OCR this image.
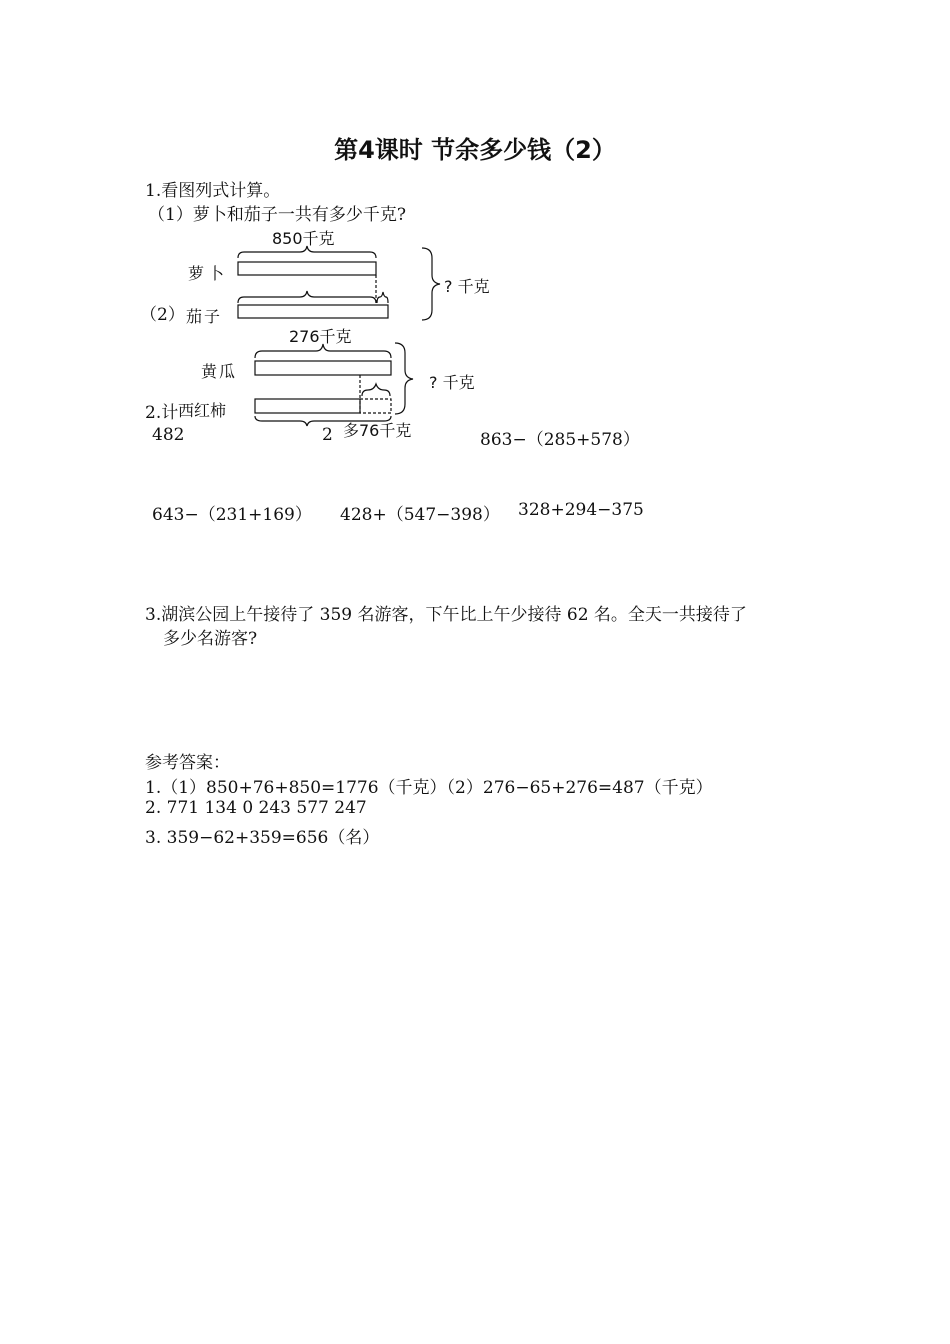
第4课时 节余多少钱（2）
1.看图列式计算。
（1）萝卜和茄子一共有多少千克?
850千克
萝卜
? 千克
（2） 茄子
276千克
黄瓜
? 千克
2.计 西红柿
多76千克
482	2	863−（285+578）
643−（231+169） 428+（547−398） 328+294−375
3.湖滨公园上午接待了 359 名游客，下午比上午少接待 62 名。全天一共接待了
多少名游客?
参考答案：
1.（1）850+76+850=1776（千克）（2）276−65+276=487（千克）
2. 771 134 0 243 577 247
3. 359−62+359=656（名）
